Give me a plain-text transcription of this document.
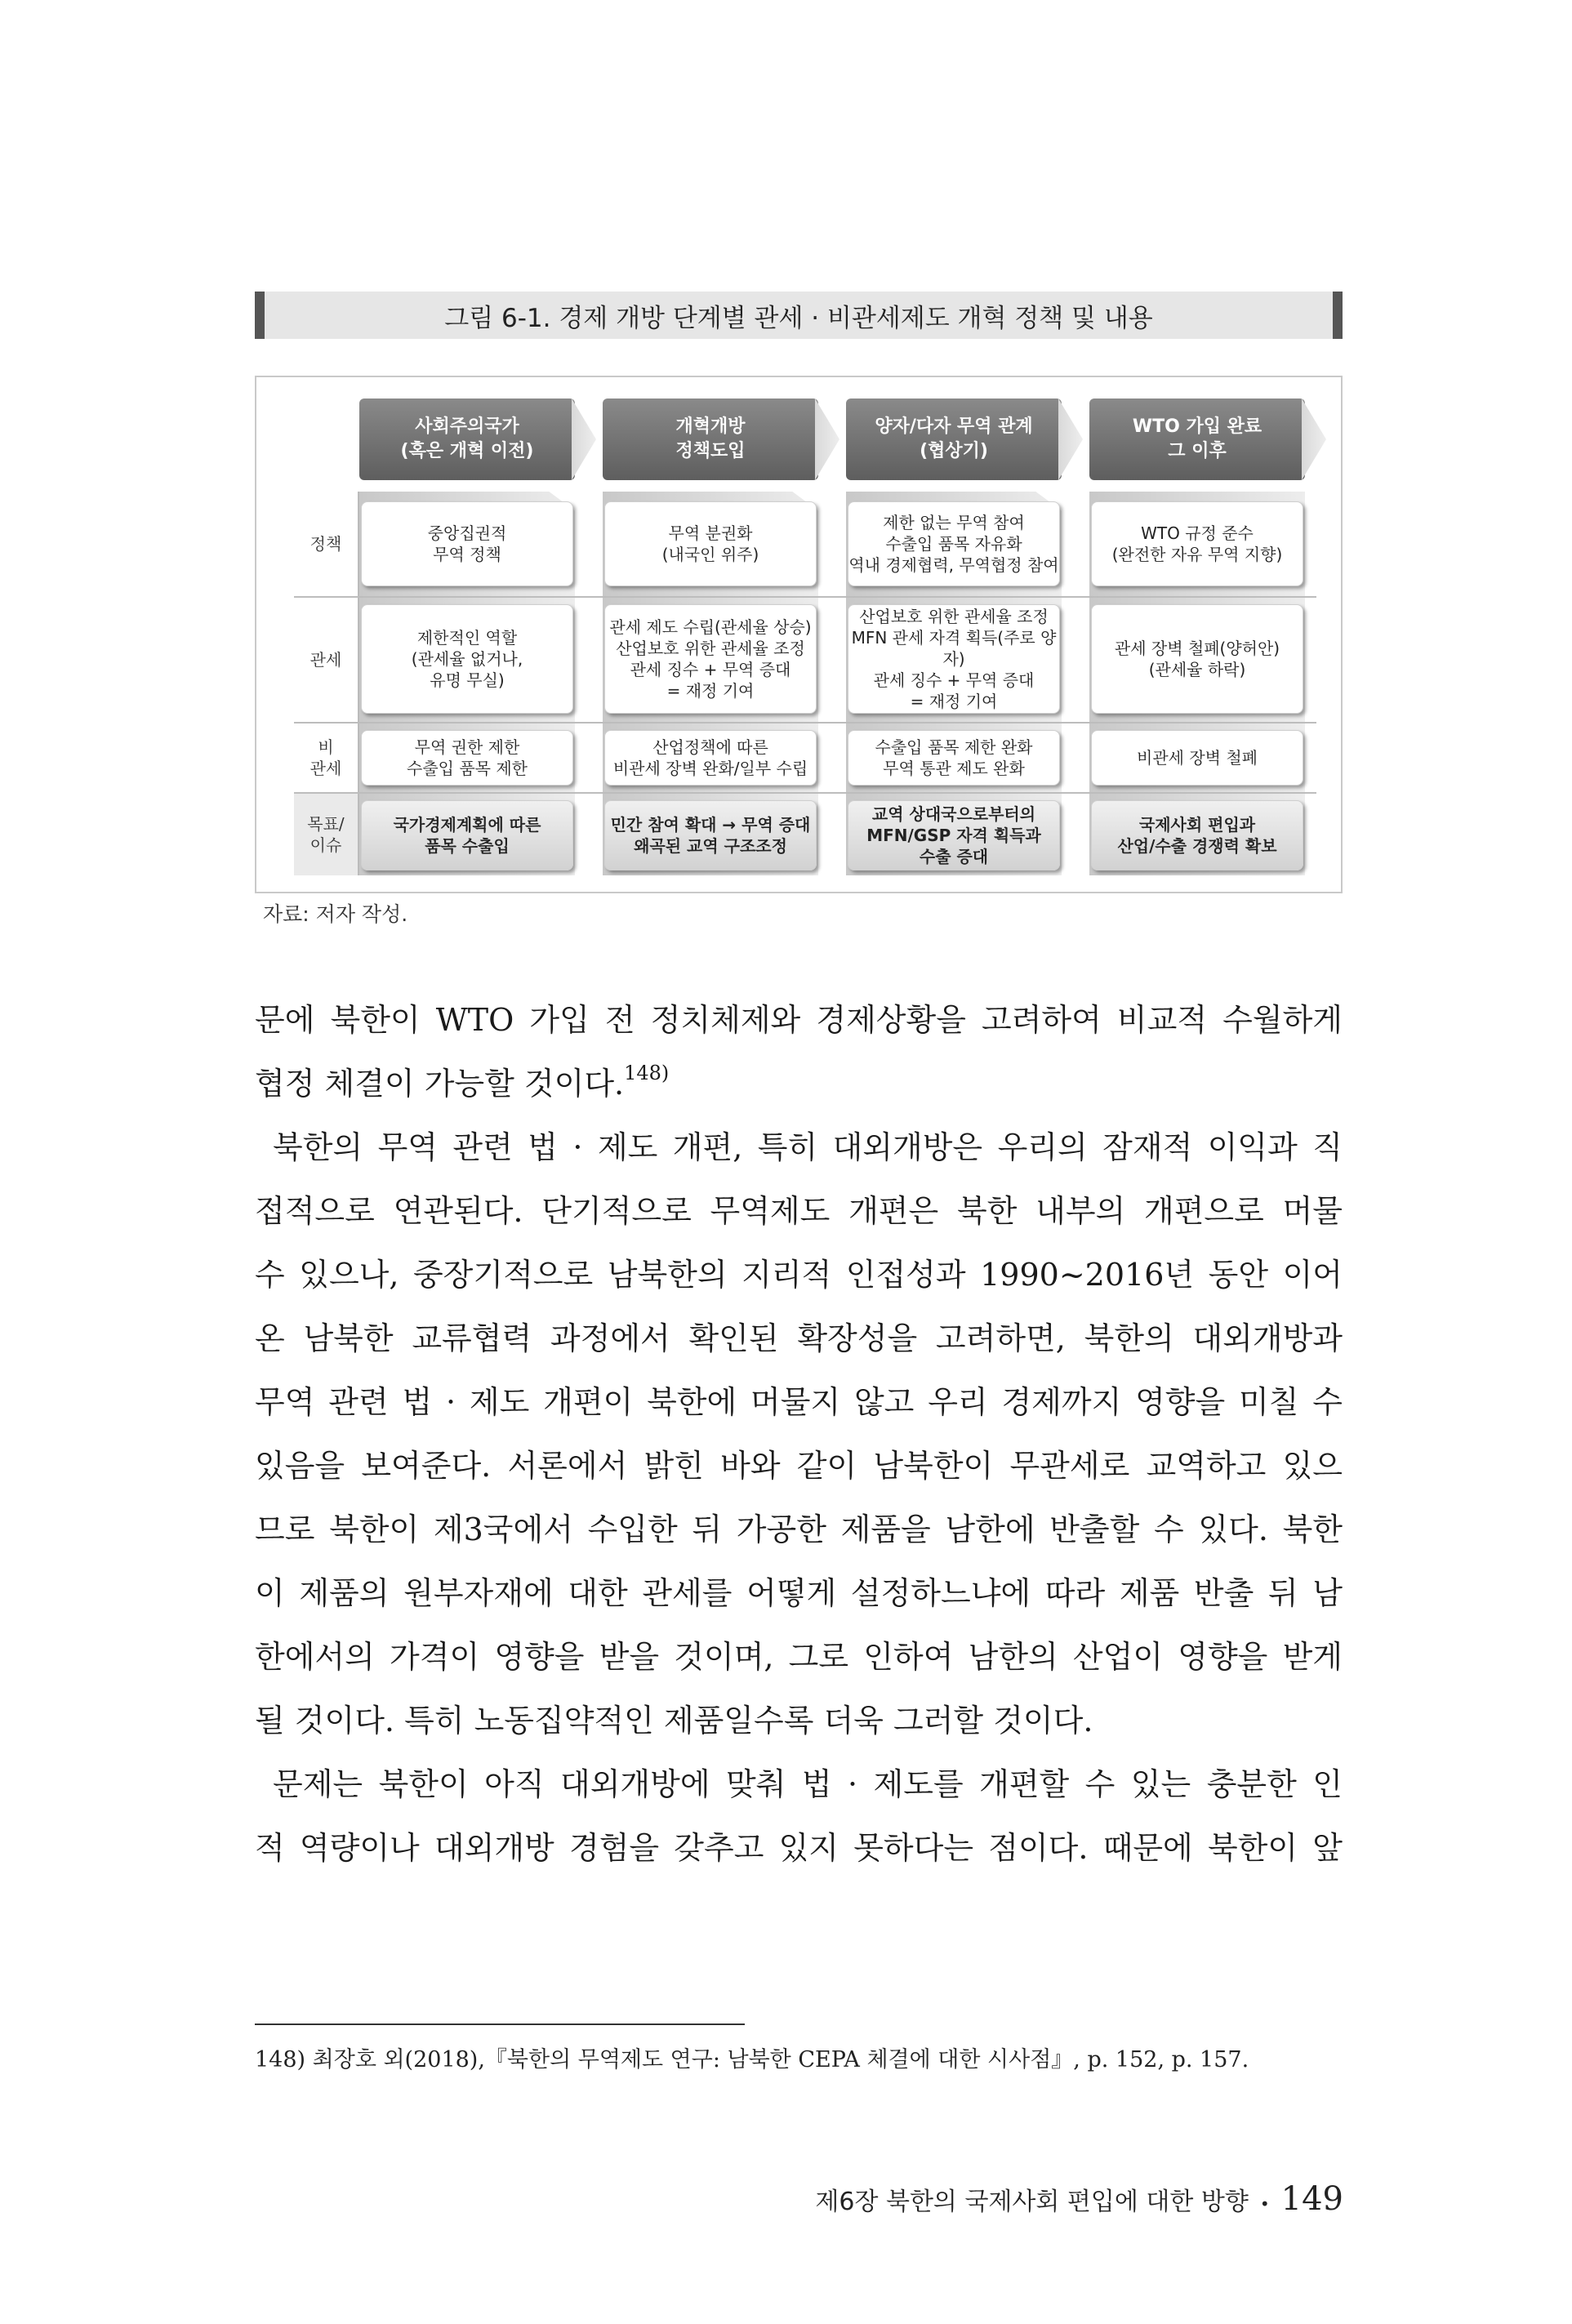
그림 6-1. 경제 개방 단계별 관세 · 비관세제도 개혁 정책 및 내용
사회주의국가
(혹은 개혁 이전)
개혁개방
정책도입
양자/다자 무역 관계
(협상기)
WTO 가입 완료
그 이후
정책
관세
비
관세
목표/
이슈
중앙집권적
무역 정책
무역 분권화
(내국인 위주)
제한 없는 무역 참여
수출입 품목 자유화
역내 경제협력, 무역협정 참여
WTO 규정 준수
(완전한 자유 무역 지향)
제한적인 역할
(관세율 없거나,
유명 무실)
관세 제도 수립(관세율 상승)
산업보호 위한 관세율 조정
관세 징수 + 무역 증대
= 재정 기여
산업보호 위한 관세율 조정
MFN 관세 자격 획득(주로 양자)
관세 징수 + 무역 증대
= 재정 기여
관세 장벽 철폐(양허안)
(관세율 하락)
무역 권한 제한
수출입 품목 제한
산업정책에 따른
비관세 장벽 완화/일부 수립
수출입 품목 제한 완화
무역 통관 제도 완화
비관세 장벽 철폐
국가경제계획에 따른
품목 수출입
민간 참여 확대 → 무역 증대
왜곡된 교역 구조조정
교역 상대국으로부터의
MFN/GSP 자격 획득과
수출 증대
국제사회 편입과
산업/수출 경쟁력 확보
자료: 저자 작성.
문에 북한이 WTO 가입 전 정치체제와 경제상황을 고려하여 비교적 수월하게
협정 체결이 가능할 것이다.$^{148)}$
북한의 무역 관련 법 · 제도 개편, 특히 대외개방은 우리의 잠재적 이익과 직
접적으로 연관된다. 단기적으로 무역제도 개편은 북한 내부의 개편으로 머물
수 있으나, 중장기적으로 남북한의 지리적 인접성과 1990~2016년 동안 이어
온 남북한 교류협력 과정에서 확인된 확장성을 고려하면, 북한의 대외개방과
무역 관련 법 · 제도 개편이 북한에 머물지 않고 우리 경제까지 영향을 미칠 수
있음을 보여준다. 서론에서 밝힌 바와 같이 남북한이 무관세로 교역하고 있으
므로 북한이 제3국에서 수입한 뒤 가공한 제품을 남한에 반출할 수 있다. 북한
이 제품의 원부자재에 대한 관세를 어떻게 설정하느냐에 따라 제품 반출 뒤 남
한에서의 가격이 영향을 받을 것이며, 그로 인하여 남한의 산업이 영향을 받게
될 것이다. 특히 노동집약적인 제품일수록 더욱 그러할 것이다.
문제는 북한이 아직 대외개방에 맞춰 법 · 제도를 개편할 수 있는 충분한 인
적 역량이나 대외개방 경험을 갖추고 있지 못하다는 점이다. 때문에 북한이 앞
148) 최장호 외(2018),『북한의 무역제도 연구: 남북한 CEPA 체결에 대한 시사점』, p. 152, p. 157.
제6장 북한의 국제사회 편입에 대한 방향 • 149
